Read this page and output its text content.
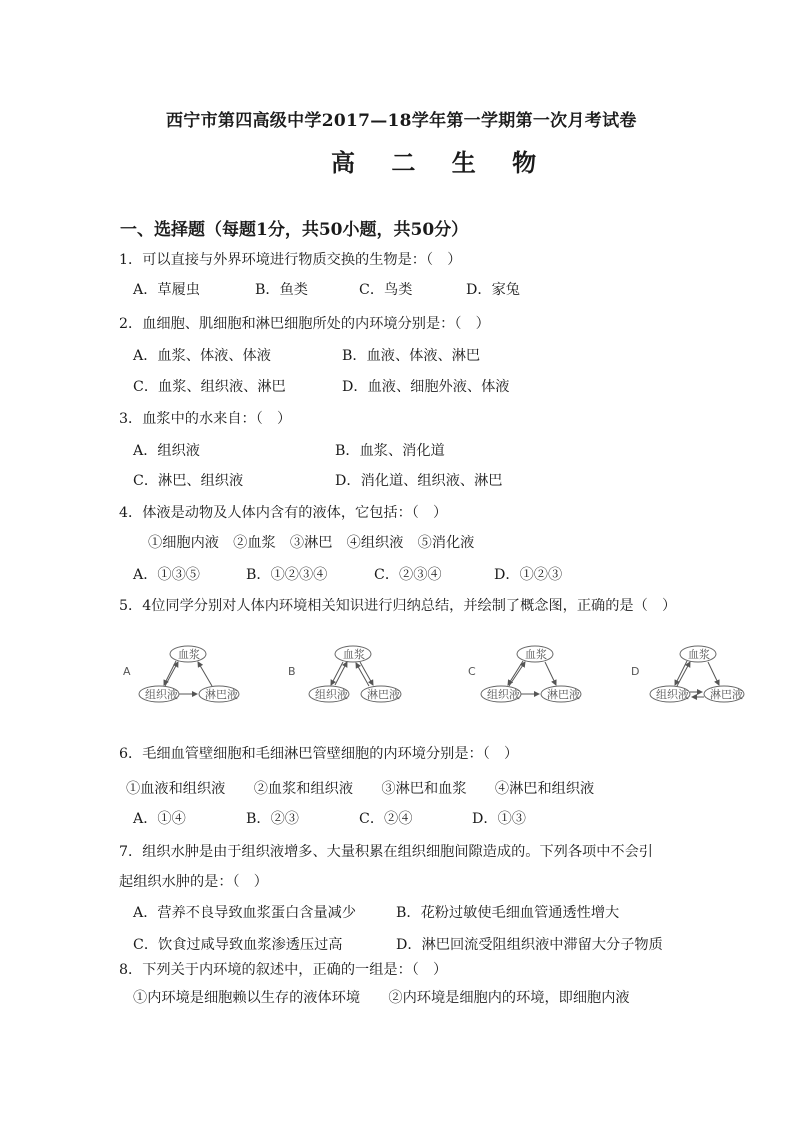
西宁市第四高级中学2017—18学年第一学期第一次月考试卷
高 二 生 物
一、选择题（每题1分，共50小题，共50分）
1．可以直接与外界环境进行物质交换的生物是：（　）
A．草履虫	B．鱼类	C．鸟类	D．家兔
2．血细胞、肌细胞和淋巴细胞所处的内环境分别是：（　）
A．血浆、体液、体液	B．血液、体液、淋巴
C．血浆、组织液、淋巴	D．血液、细胞外液、体液
3．血浆中的水来自：（　）
A．组织液	B．血浆、消化道
C．淋巴、组织液	D．消化道、组织液、淋巴
4．体液是动物及人体内含有的液体，它包括：（　）
①细胞内液　②血浆　③淋巴　④组织液　⑤消化液
A．①③⑤	B．①②③④	C．②③④	D．①②③
5．4位同学分别对人体内环境相关知识进行归纳总结，并绘制了概念图，正确的是（　）
A
血浆
组织液 淋巴液
B
血浆
组织液 淋巴液
C
血浆
组织液 淋巴液
D
血浆
组织液 淋巴液
6．毛细血管壁细胞和毛细淋巴管壁细胞的内环境分别是：（　）
①血液和组织液　　②血浆和组织液　　③淋巴和血浆　　④淋巴和组织液
A．①④	B．②③	C．②④	D．①③
7．组织水肿是由于组织液增多、大量积累在组织细胞间隙造成的。下列各项中不会引
起组织水肿的是：（　）
A．营养不良导致血浆蛋白含量减少	B．花粉过敏使毛细血管通透性增大
C．饮食过咸导致血浆渗透压过高	D．淋巴回流受阻组织液中滞留大分子物质
8．下列关于内环境的叙述中，正确的一组是：（　）
①内环境是细胞赖以生存的液体环境　　②内环境是细胞内的环境，即细胞内液
